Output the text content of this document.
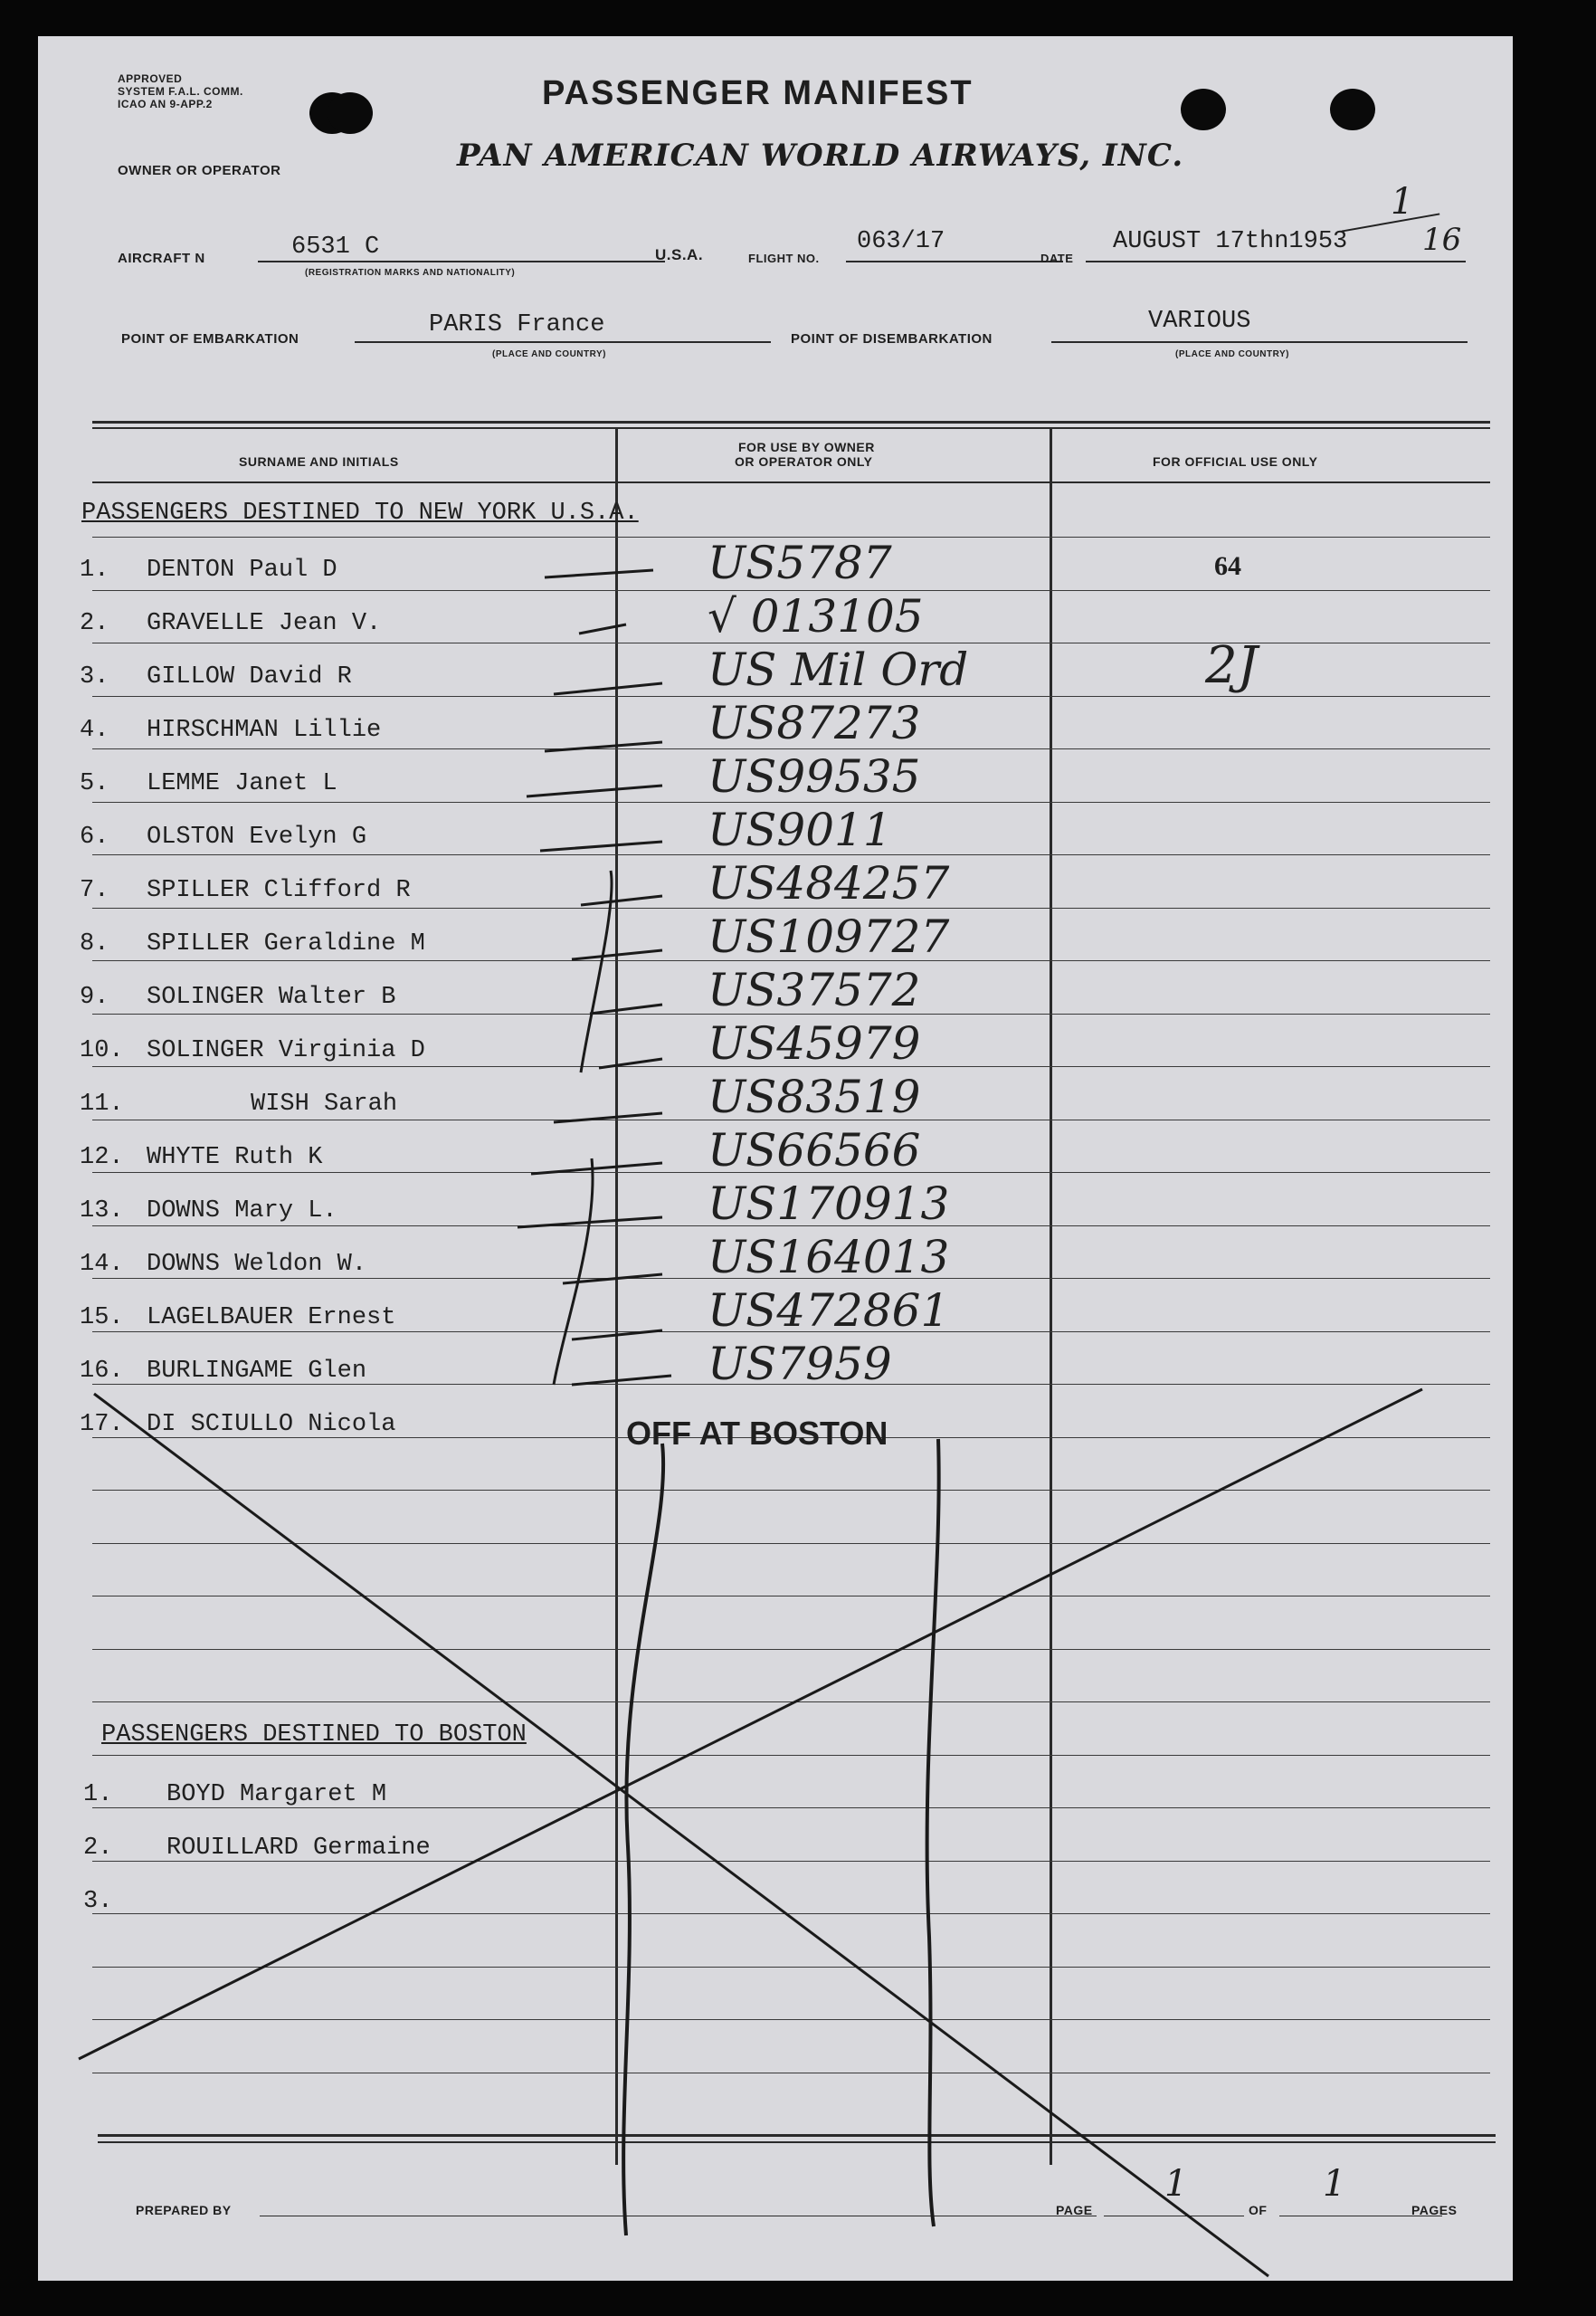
APPROVED
SYSTEM F.A.L. COMM.
ICAO AN 9-APP.2	PASSENGER MANIFEST
OWNER OR OPERATOR	PAN AMERICAN WORLD AIRWAYS, INC.
1
16
AIRCRAFT N	6531 C
(REGISTRATION MARKS AND NATIONALITY)
U.S.A.	FLIGHT NO.
063/17
DATE
AUGUST 17thn1953
POINT OF EMBARKATION
PARIS France
(PLACE AND COUNTRY)
POINT OF DISEMBARKATION
VARIOUS
(PLACE AND COUNTRY)
SURNAME AND INITIALS
FOR USE BY OWNER
OR OPERATOR ONLY	FOR OFFICIAL USE ONLY
PASSENGERS DESTINED TO NEW YORK U.S.A.
1. DENTON Paul D	US5787	64
2. GRAVELLE Jean V.	√ 013105
3. GILLOW David R	US Mil Ord	2J
4. HIRSCHMAN Lillie	US87273
5. LEMME Janet L	US99535
6. OLSTON Evelyn G	US9011
7. SPILLER Clifford R	US484257
8. SPILLER Geraldine M	US109727
9. SOLINGER Walter B	US37572
10. SOLINGER Virginia D	US45979
11.	WISH Sarah	US83519
12. WHYTE Ruth K	US66566
13. DOWNS Mary L.	US170913
14. DOWNS Weldon W.	US164013
15. LAGELBAUER Ernest	US472861
16. BURLINGAME Glen	US7959
17. DI SCIULLO Nicola	OFF AT BOSTON
PASSENGERS DESTINED TO BOSTON
1. BOYD Margaret M
2. ROUILLARD Germaine
3.
PREPARED BY	PAGE
1
OF
1
PAGES
